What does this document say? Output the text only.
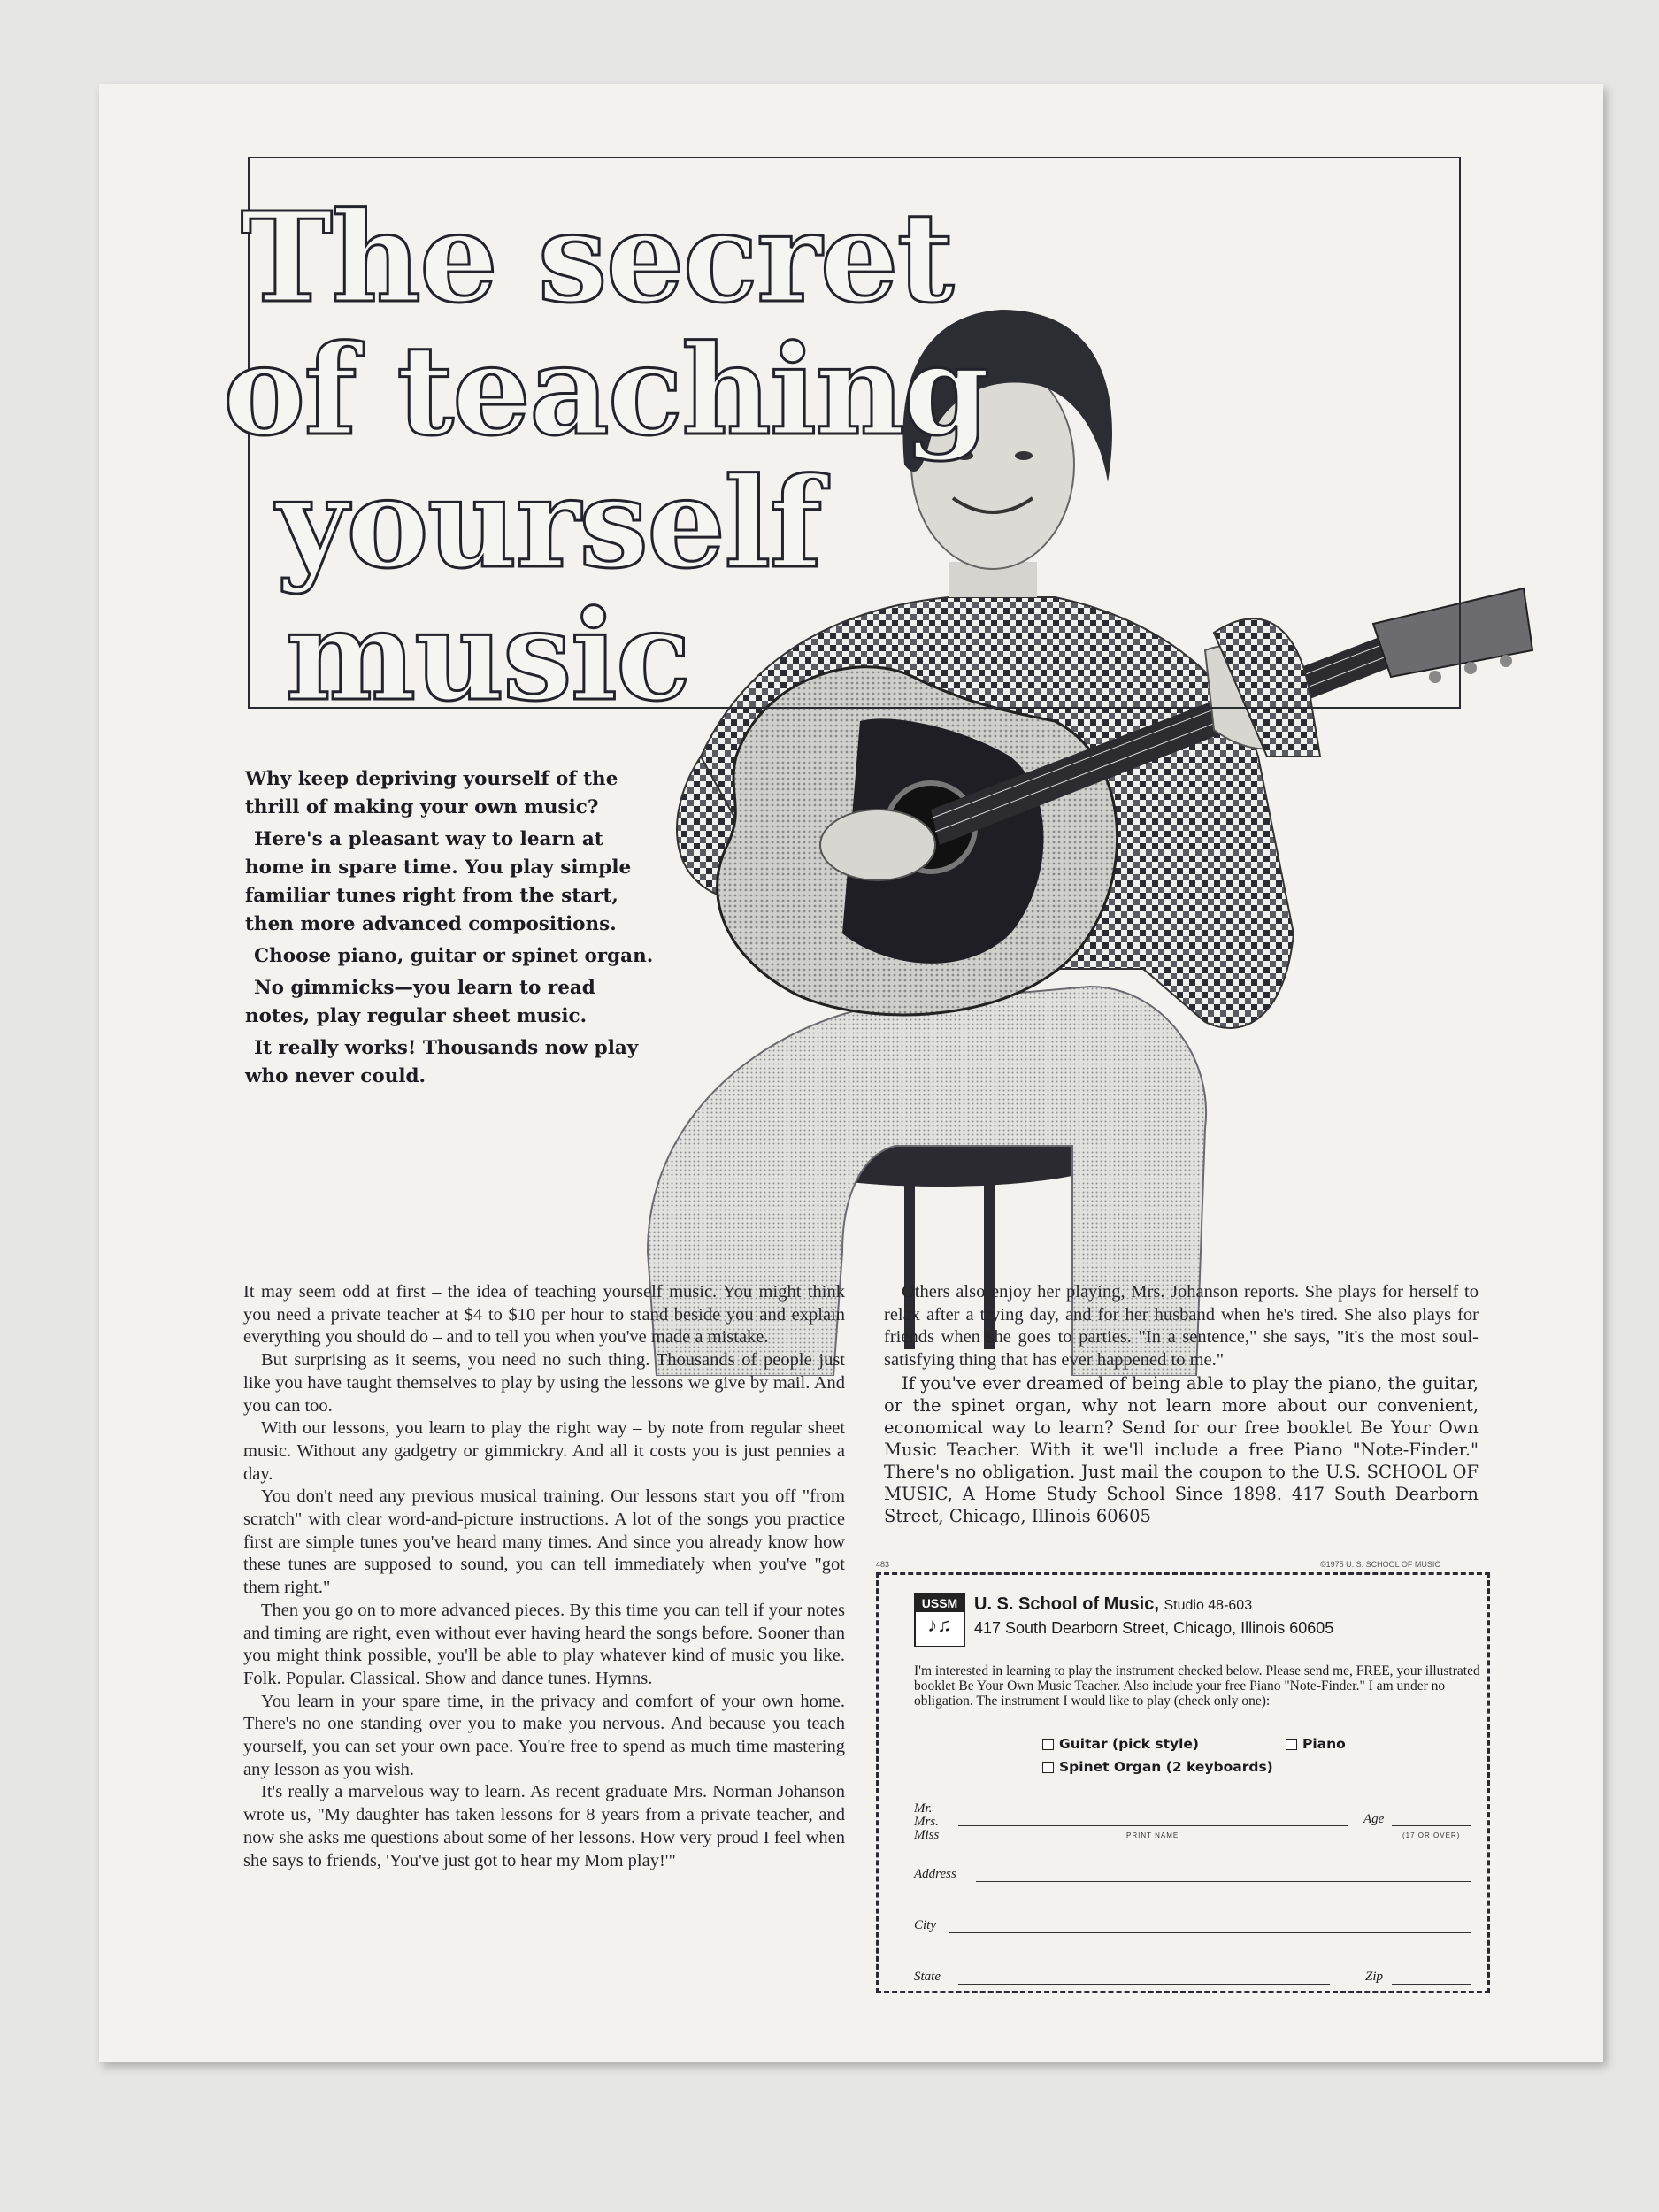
The secret
of teaching
yourself
music

Why keep depriving yourself of the thrill of making your own music?

Here's a pleasant way to learn at home in spare time. You play simple familiar tunes right from the start, then more advanced compositions.

Choose piano, guitar or spinet organ.

No gimmicks—you learn to read notes, play regular sheet music.

It really works! Thousands now play who never could.

It may seem odd at first – the idea of teaching yourself music. You might think you need a private teacher at $4 to $10 per hour to stand beside you and explain everything you should do – and to tell you when you've made a mistake.

But surprising as it seems, you need no such thing. Thousands of people just like you have taught themselves to play by using the lessons we give by mail. And you can too.

With our lessons, you learn to play the right way – by note from regular sheet music. Without any gadgetry or gimmickry. And all it costs you is just pennies a day.

You don't need any previous musical training. Our lessons start you off "from scratch" with clear word-and-picture instructions. A lot of the songs you practice first are simple tunes you've heard many times. And since you already know how these tunes are supposed to sound, you can tell immediately when you've "got them right."

Then you go on to more advanced pieces. By this time you can tell if your notes and timing are right, even without ever having heard the songs before. Sooner than you might think possible, you'll be able to play whatever kind of music you like. Folk. Popular. Classical. Show and dance tunes. Hymns.

You learn in your spare time, in the privacy and comfort of your own home. There's no one standing over you to make you nervous. And because you teach yourself, you can set your own pace. You're free to spend as much time mastering any lesson as you wish.

It's really a marvelous way to learn. As recent graduate Mrs. Norman Johanson wrote us, "My daughter has taken lessons for 8 years from a private teacher, and now she asks me questions about some of her lessons. How very proud I feel when she says to friends, 'You've just got to hear my Mom play!'"

Others also enjoy her playing, Mrs. Johanson reports. She plays for herself to relax after a trying day, and for her husband when he's tired. She also plays for friends when she goes to parties. "In a sentence," she says, "it's the most soul-satisfying thing that has ever happened to me."

If you've ever dreamed of being able to play the piano, the guitar, or the spinet organ, why not learn more about our convenient, economical way to learn? Send for our free booklet Be Your Own Music Teacher. With it we'll include a free Piano "Note-Finder." There's no obligation. Just mail the coupon to the U.S. SCHOOL OF MUSIC, A Home Study School Since 1898. 417 South Dearborn Street, Chicago, Illinois 60605

483	©1975 U. S. SCHOOL OF MUSIC
USSM
♪♫
U. S. School of Music, Studio 48-603
417 South Dearborn Street, Chicago, Illinois 60605
I'm interested in learning to play the instrument checked below. Please send me, FREE, your illustrated booklet Be Your Own Music Teacher. Also include your free Piano "Note-Finder." I am under no obligation. The instrument I would like to play (check only one):
Guitar (pick style)	Piano
Spinet Organ (2 keyboards)
Mr.
Mrs.
Miss	PRINT NAME
Age
(17 OR OVER)
Address
City
State	Zip
